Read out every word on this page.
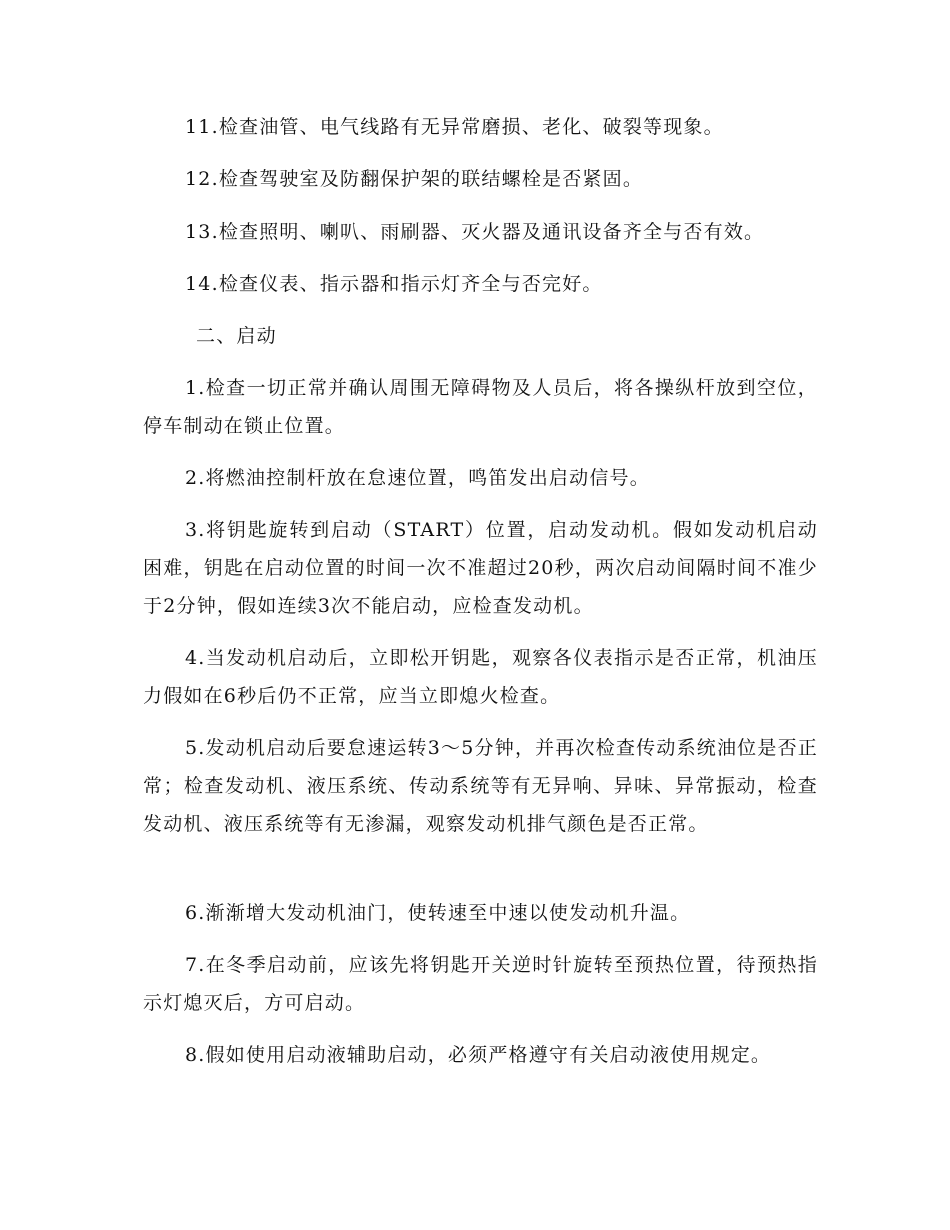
11.检查油管、电气线路有无异常磨损、老化、破裂等现象。

12.检查驾驶室及防翻保护架的联结螺栓是否紧固。

13.检查照明、喇叭、雨刷器、灭火器及通讯设备齐全与否有效。

14.检查仪表、指示器和指示灯齐全与否完好。

二、启动

1.检查一切正常并确认周围无障碍物及人员后，将各操纵杆放到空位，停车制动在锁止位置。

2.将燃油控制杆放在怠速位置，鸣笛发出启动信号。

3.将钥匙旋转到启动（START）位置，启动发动机。假如发动机启动困难，钥匙在启动位置的时间一次不准超过20秒，两次启动间隔时间不准少于2分钟，假如连续3次不能启动，应检查发动机。

4.当发动机启动后，立即松开钥匙，观察各仪表指示是否正常，机油压力假如在6秒后仍不正常，应当立即熄火检查。

5.发动机启动后要怠速运转3～5分钟，并再次检查传动系统油位是否正常；检查发动机、液压系统、传动系统等有无异响、异味、异常振动，检查发动机、液压系统等有无渗漏，观察发动机排气颜色是否正常。

6.渐渐增大发动机油门，使转速至中速以使发动机升温。

7.在冬季启动前，应该先将钥匙开关逆时针旋转至预热位置，待预热指示灯熄灭后，方可启动。

8.假如使用启动液辅助启动，必须严格遵守有关启动液使用规定。
